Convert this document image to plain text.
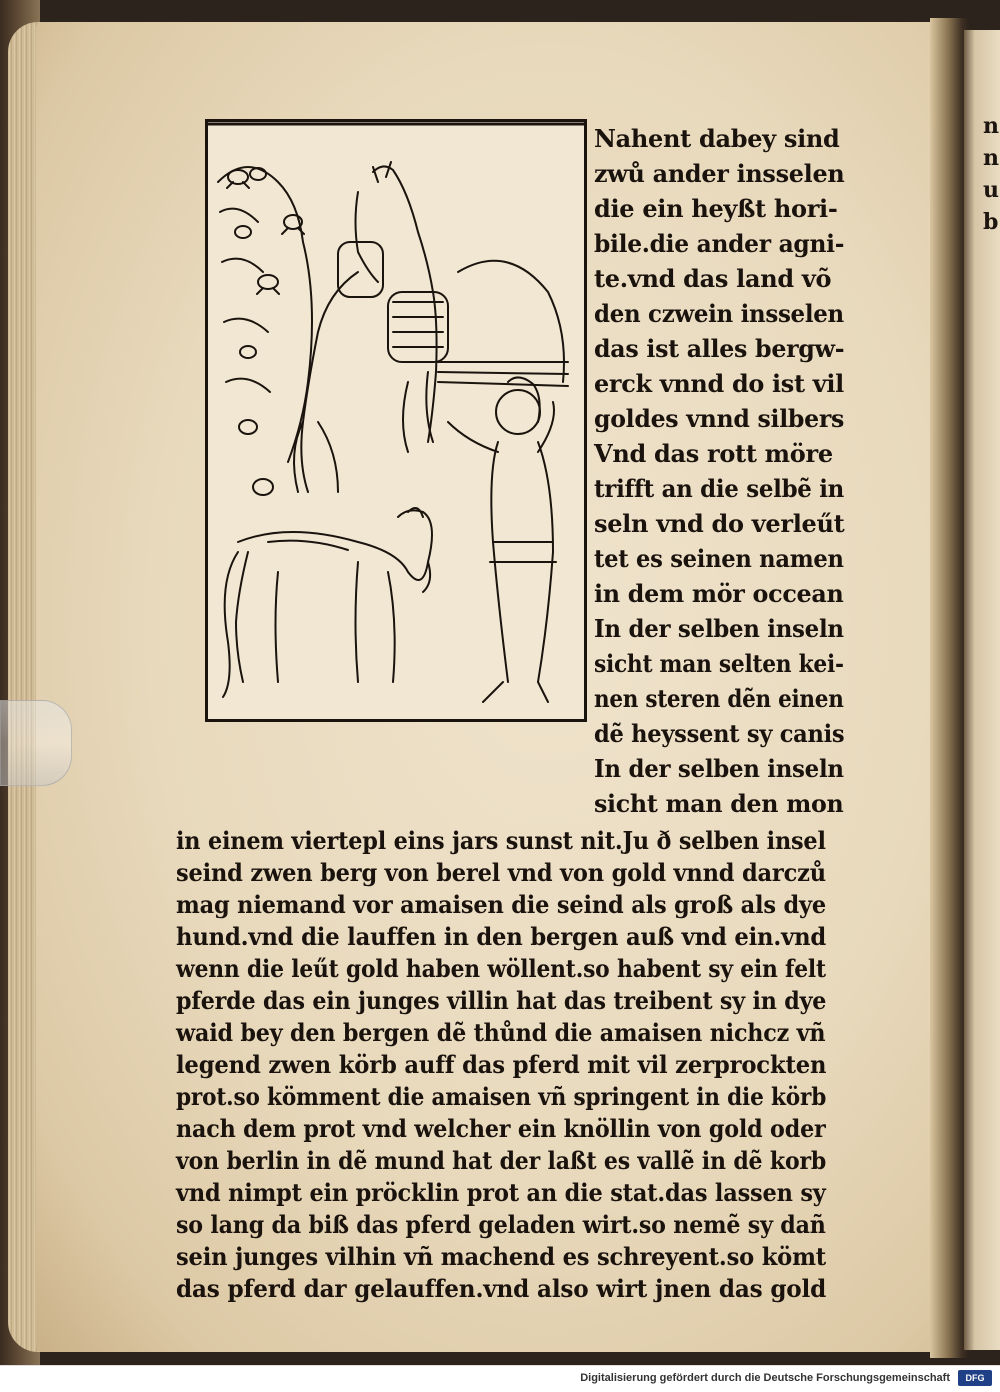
n
n
u
b
Nahent dabey sind
zwů ander insselen
die ein heyßt hori-
bile.die ander agni-
te.vnd das land võ
den czwein insselen
das ist alles bergw-
erck vnnd do ist vil
goldes vnnd silbers
Vnd das rott möre
trifft an die selbẽ in
seln vnd do verleűt
tet es seinen namen
in dem mör occean
In der selben inseln
sicht man selten kei-
nen steren dẽn einen
dẽ heyssent sy canis
In der selben inseln
sicht man den mon
in einem viertepl eins jars sunst nit.Ju ð selben insel
seind zwen berg von berel vnd von gold vnnd darczů
mag niemand vor amaisen die seind als groß als dye
hund.vnd die lauffen in den bergen auß vnd ein.vnd
wenn die leűt gold haben wöllent.so habent sy ein felt
pferde das ein junges villin hat das treibent sy in dye
waid bey den bergen dẽ thůnd die amaisen nichcz vñ
legend zwen körb auff das pferd mit vil zerprockten
prot.so kömment die amaisen vñ springent in die körb
nach dem prot vnd welcher ein knöllin von gold oder
von berlin in dẽ mund hat der laßt es vallẽ in dẽ korb
vnd nimpt ein pröcklin prot an die stat.das lassen sy
so lang da biß das pferd geladen wirt.so nemẽ sy dañ
sein junges vilhin vñ machend es schreyent.so kömt
das pferd dar gelauffen.vnd also wirt jnen das gold
Digitalisierung gefördert durch die Deutsche Forschungsgemeinschaft	DFG
